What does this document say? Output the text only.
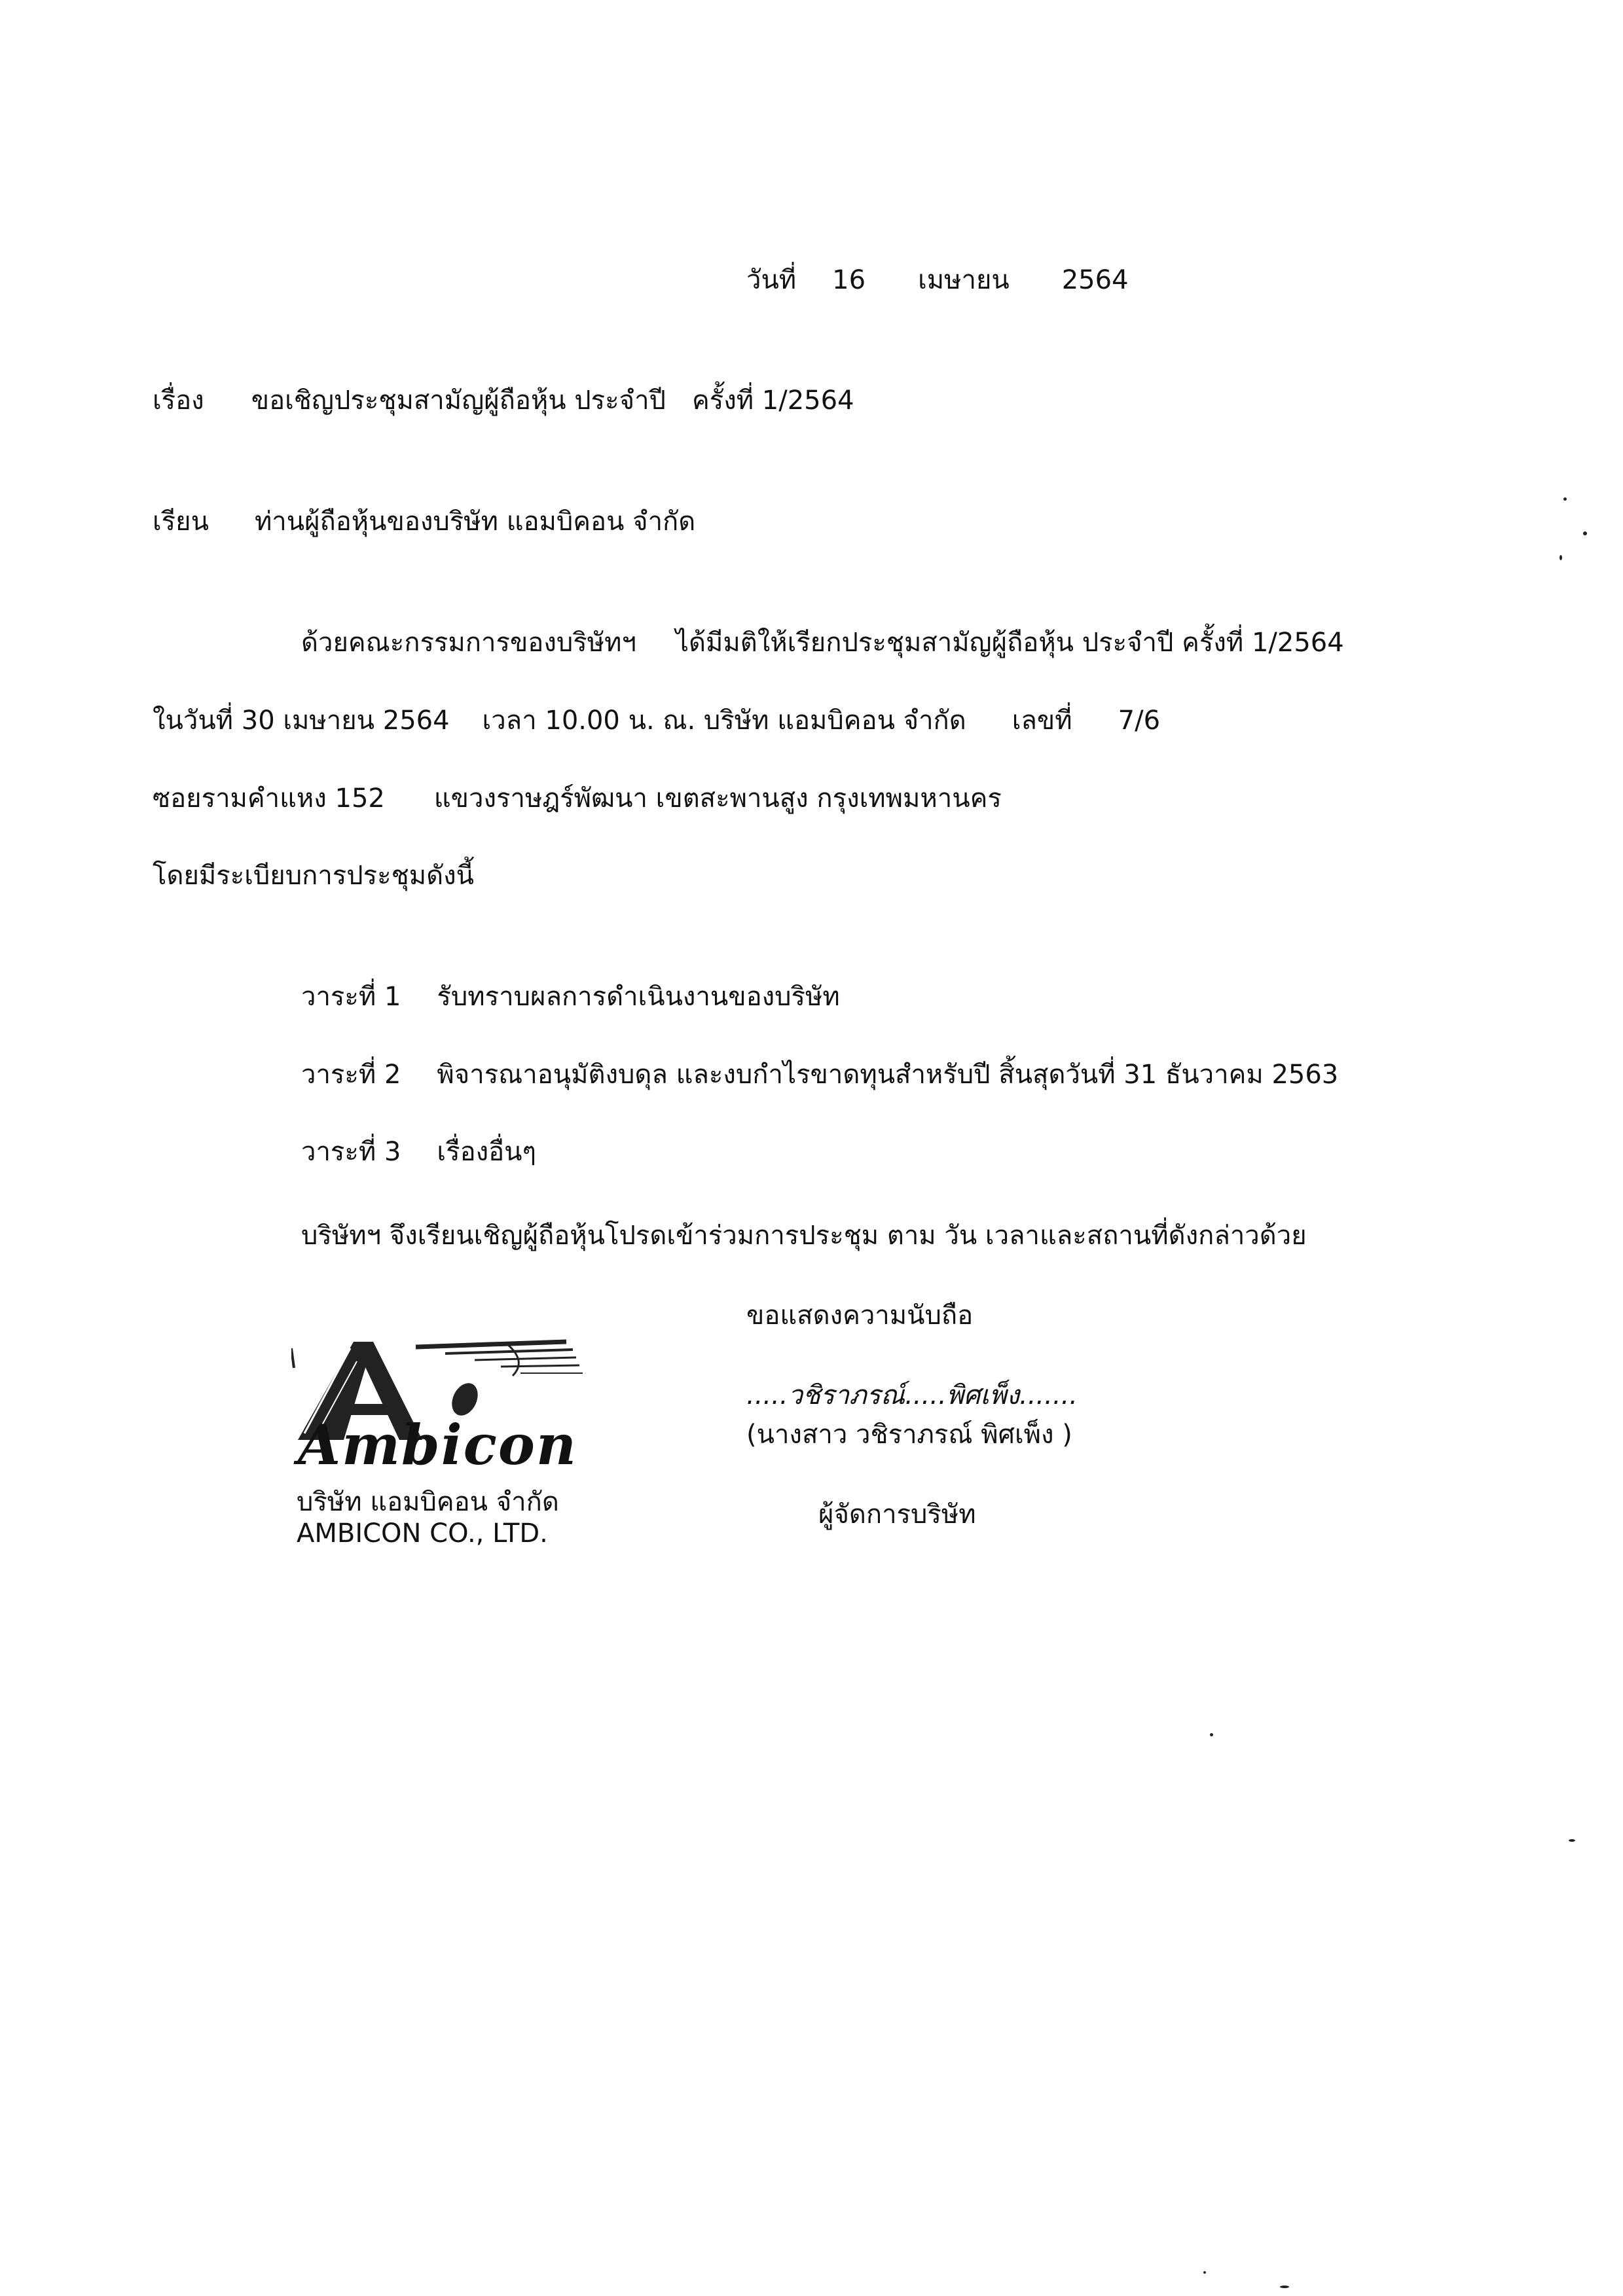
วันที่ 16 เมษายน 2564
เรื่อง ขอเชิญประชุมสามัญผู้ถือหุ้น ประจำปี ครั้งที่ 1/2564
เรียน ท่านผู้ถือหุ้นของบริษัท แอมบิคอน จำกัด
ด้วยคณะกรรมการของบริษัทฯ ได้มีมติให้เรียกประชุมสามัญผู้ถือหุ้น ประจำปี ครั้งที่ 1/2564
ในวันที่ 30 เมษายน 2564 เวลา 10.00 น. ณ. บริษัท แอมบิคอน จำกัด เลขที่ 7/6
ซอยรามคำแหง 152 แขวงราษฎร์พัฒนา เขตสะพานสูง กรุงเทพมหานคร
โดยมีระเบียบการประชุมดังนี้
วาระที่ 1 รับทราบผลการดำเนินงานของบริษัท
วาระที่ 2 พิจารณาอนุมัติงบดุล และงบกำไรขาดทุนสำหรับปี สิ้นสุดวันที่ 31 ธันวาคม 2563
วาระที่ 3 เรื่องอื่นๆ
บริษัทฯ จึงเรียนเชิญผู้ถือหุ้นโปรดเข้าร่วมการประชุม ตาม วัน เวลาและสถานที่ดังกล่าวด้วย
ขอแสดงความนับถือ
.....วชิราภรณ์.....พิศเพ็ง.......
(นางสาว วชิราภรณ์ พิศเพ็ง )
ผู้จัดการบริษัท
Ambicon
บริษัท แอมบิคอน จำกัด
AMBICON CO., LTD.
